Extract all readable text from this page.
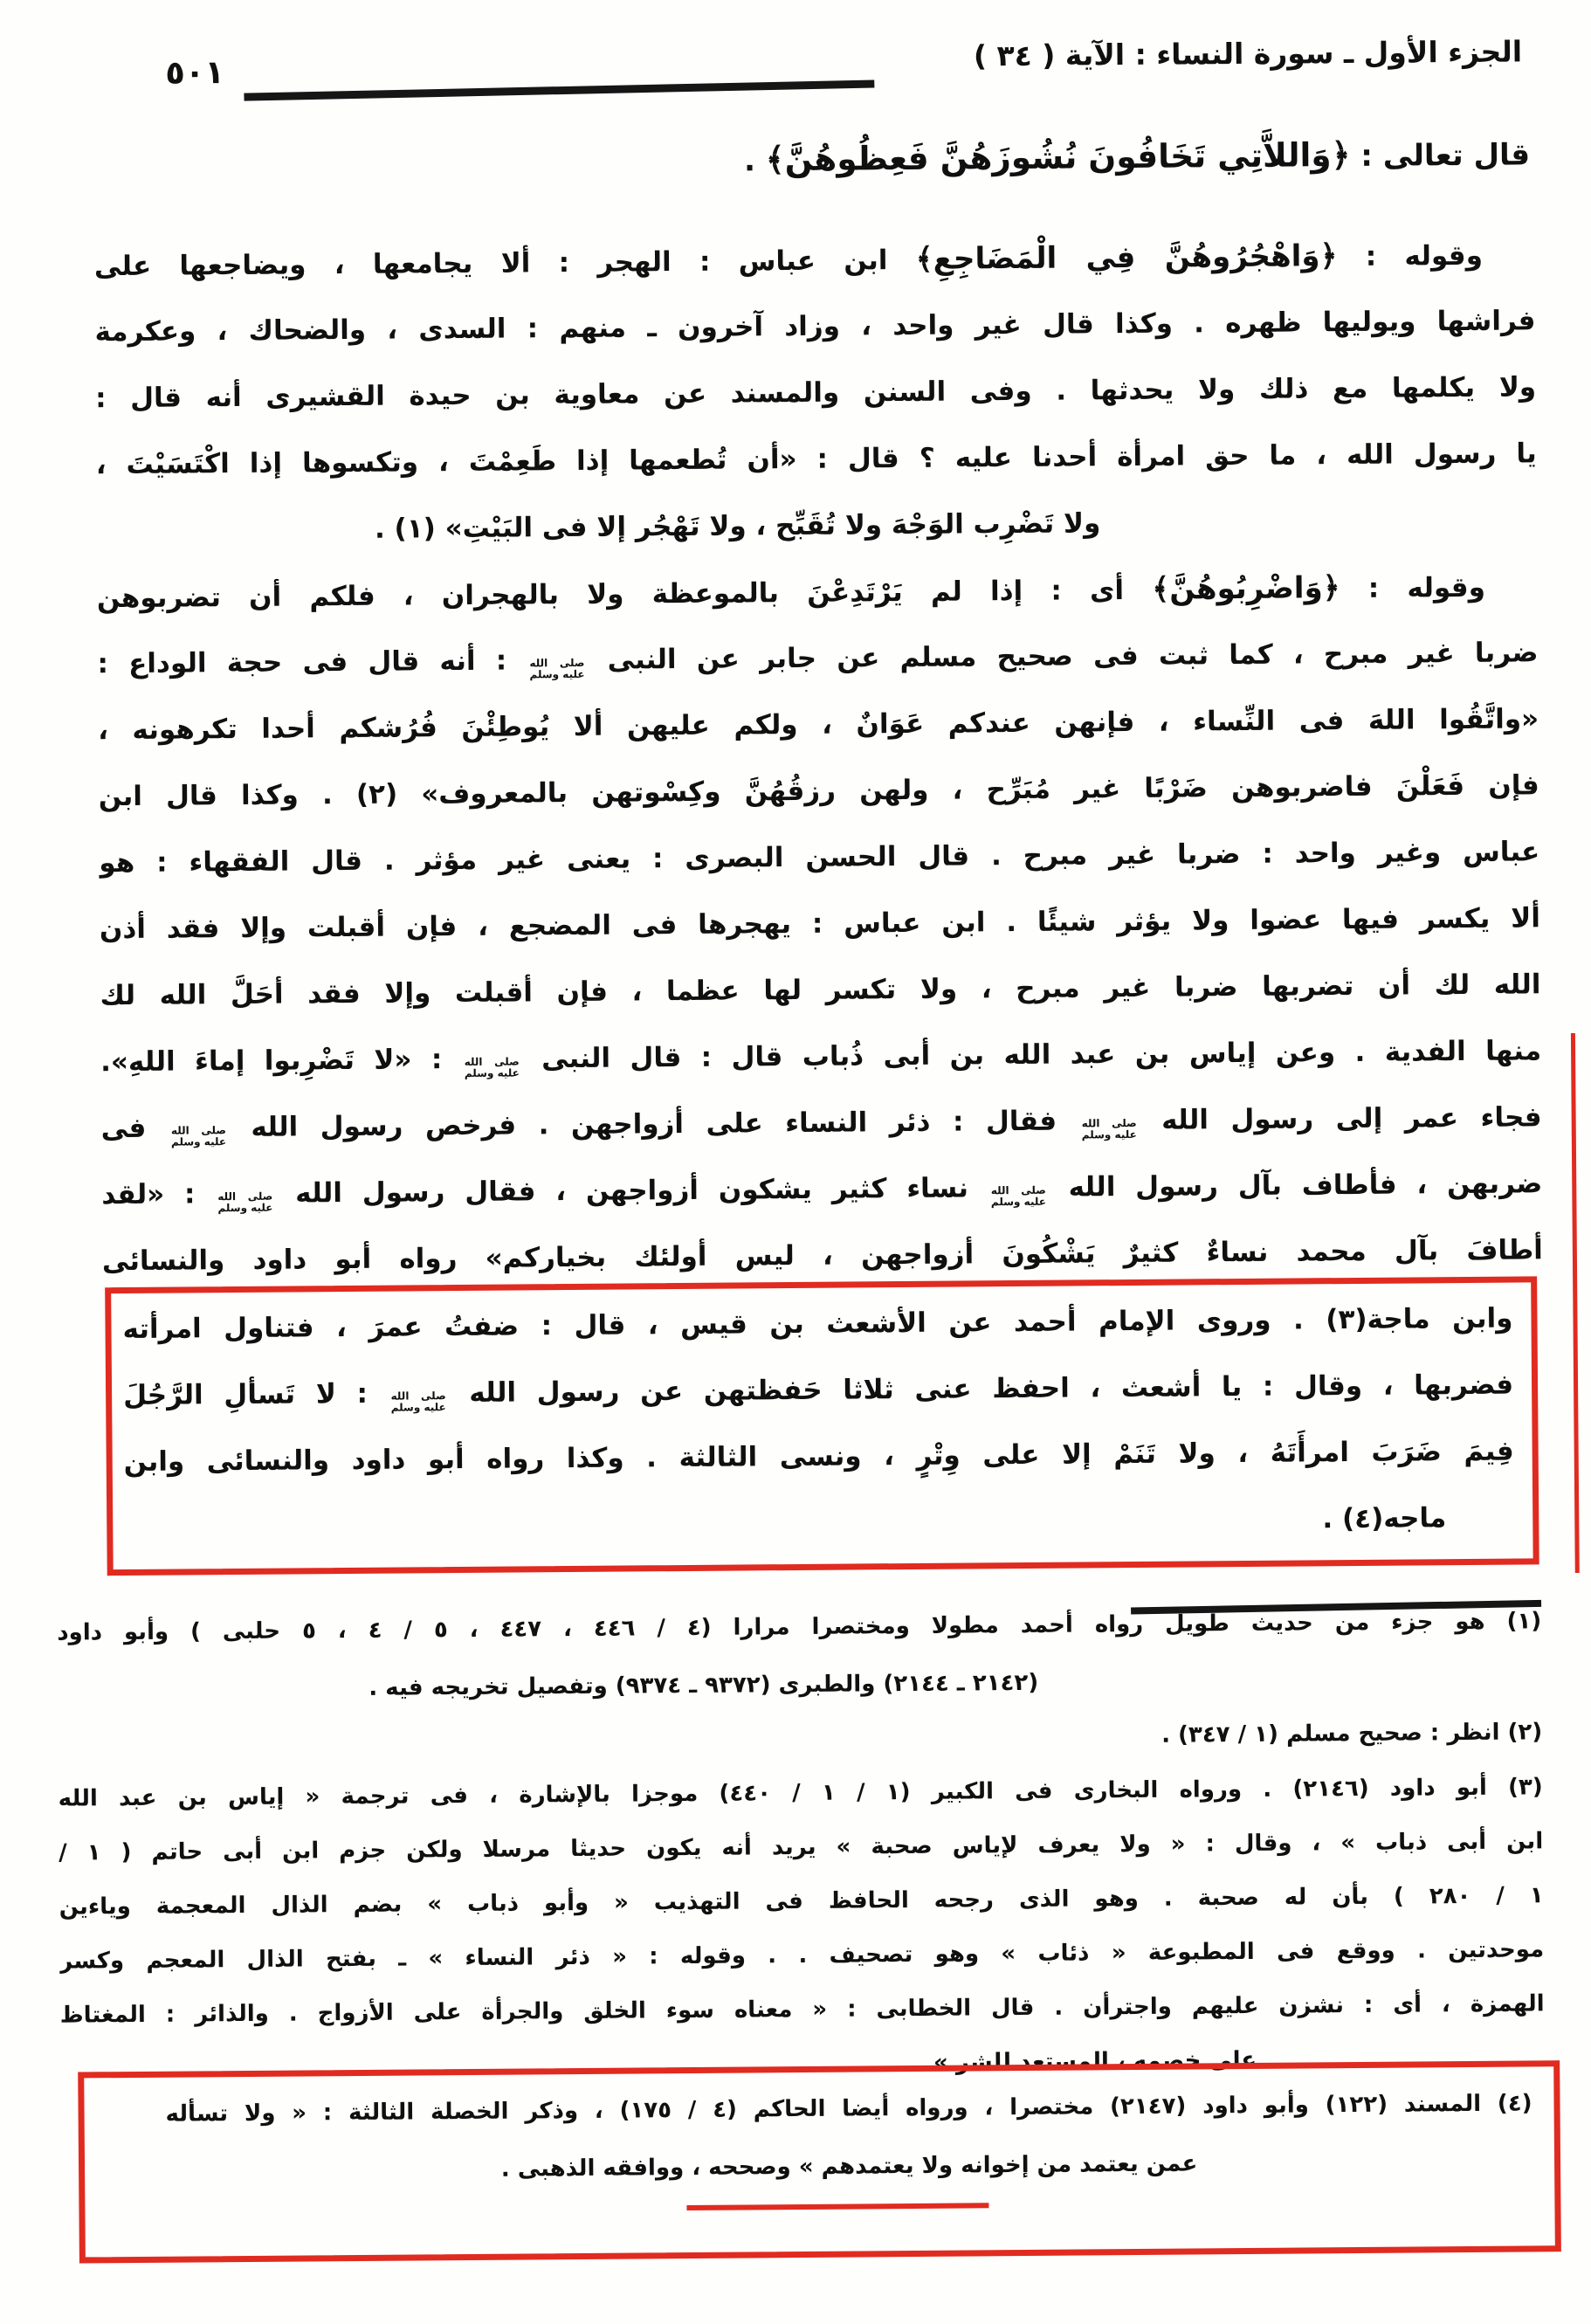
الجزء الأول ـ سورة النساء : الآية ( ٣٤ )
٥٠١
قال تعالى : ﴿وَاللاَّتِي تَخَافُونَ نُشُوزَهُنَّ فَعِظُوهُنَّ﴾ .
وقوله : ﴿وَاهْجُرُوهُنَّ فِي الْمَضَاجِعِ﴾ ابن عباس : الهجر : ألا يجامعها ، ويضاجعها على
فراشها ويوليها ظهره . وكذا قال غير واحد ، وزاد آخرون ـ منهم : السدى ، والضحاك ، وعكرمة
ولا يكلمها مع ذلك ولا يحدثها . وفى السنن والمسند عن معاوية بن حيدة القشيرى أنه قال :
يا رسول الله ، ما حق امرأة أحدنا عليه ؟ قال : «أن تُطعمها إذا طَعِمْتَ ، وتكسوها إذا اكْتَسَيْتَ ،
ولا تَضْرِب الوَجْهَ ولا تُقَبِّح ، ولا تَهْجُر إلا فى البَيْتِ» (١) .
وقوله : ﴿وَاضْرِبُوهُنَّ﴾ أى : إذا لم يَرْتَدِعْنَ بالموعظة ولا بالهجران ، فلكم أن تضربوهن
ضربا غير مبرح ، كما ثبت فى صحيح مسلم عن جابر عن النبى صلى الله
عليه وسلم : أنه قال فى حجة الوداع :
«واتَّقُوا اللهَ فى النِّساء ، فإنهن عندكم عَوَانٌ ، ولكم عليهن ألا يُوطِئْنَ فُرُشكم أحدا تكرهونه ،
فإن فَعَلْنَ فاضربوهن ضَرْبًا غير مُبَرِّح ، ولهن رزقُهُنَّ وكِسْوتهن بالمعروف» (٢) . وكذا قال ابن
عباس وغير واحد : ضربا غير مبرح . قال الحسن البصرى : يعنى غير مؤثر . قال الفقهاء : هو
ألا يكسر فيها عضوا ولا يؤثر شيئًا . ابن عباس : يهجرها فى المضجع ، فإن أقبلت وإلا فقد أذن
الله لك أن تضربها ضربا غير مبرح ، ولا تكسر لها عظما ، فإن أقبلت وإلا فقد أحَلَّ الله لك
منها الفدية . وعن إياس بن عبد الله بن أبى ذُباب قال : قال النبى صلى الله
عليه وسلم : «لا تَضْرِبوا إماءَ اللهِ».
فجاء عمر إلى رسول الله صلى الله
عليه وسلم فقال : ذئر النساء على أزواجهن . فرخص رسول الله صلى الله
عليه وسلم فى
ضربهن ، فأطاف بآل رسول الله صلى الله
عليه وسلم نساء كثير يشكون أزواجهن ، فقال رسول الله صلى الله
عليه وسلم : «لقد
أطافَ بآل محمد نساءٌ كثيرٌ يَشْكُونَ أزواجهن ، ليس أولئك بخياركم» رواه أبو داود والنسائى
وابن ماجة(٣) . وروى الإمام أحمد عن الأشعث بن قيس ، قال : ضفتُ عمرَ ، فتناول امرأته
فضربها ، وقال : يا أشعث ، احفظ عنى ثلاثا حَفظتهن عن رسول الله صلى الله
عليه وسلم : لا تَسألِ الرَّجُلَ
فِيمَ ضَرَبَ امرأَتَهُ ، ولا تَنَمْ إلا على وِتْرٍ ، ونسى الثالثة . وكذا رواه أبو داود والنسائى وابن
ماجه(٤) .
(١) هو جزء من حديث طويل رواه أحمد مطولا ومختصرا مرارا (٤ / ٤٤٦ ، ٤٤٧ ، ٥ / ٤ ، ٥ حلبى ) وأبو داود
(٢١٤٢ ـ ٢١٤٤) والطبرى (٩٣٧٢ ـ ٩٣٧٤) وتفصيل تخريجه فيه .
(٢) انظر : صحيح مسلم (١ / ٣٤٧) .
(٣) أبو داود (٢١٤٦) . ورواه البخارى فى الكبير (١ / ١ / ٤٤٠) موجزا بالإشارة ، فى ترجمة « إياس بن عبد الله
ابن أبى ذباب » ، وقال : « ولا يعرف لإياس صحبة » يريد أنه يكون حديثا مرسلا ولكن جزم ابن أبى حاتم ( ١ /
١ / ٢٨٠ ) بأن له صحبة . وهو الذى رجحه الحافظ فى التهذيب « وأبو ذباب » بضم الذال المعجمة وياءين
موحدتين . ووقع فى المطبوعة « ذئاب » وهو تصحيف . . وقوله : « ذئر النساء » ـ بفتح الذال المعجم وكسر
الهمزة ، أى : نشزن عليهم واجترأن . قال الخطابى : « معناه سوء الخلق والجرأة على الأزواج . والذائر : المغتاظ
على خصمه ، المستعد للشر » .
(٤) المسند (١٢٢) وأبو داود (٢١٤٧) مختصرا ، ورواه أيضا الحاكم (٤ / ١٧٥) ، وذكر الخصلة الثالثة : « ولا تسأله
عمن يعتمد من إخوانه ولا يعتمدهم » وصححه ، ووافقه الذهبى .
